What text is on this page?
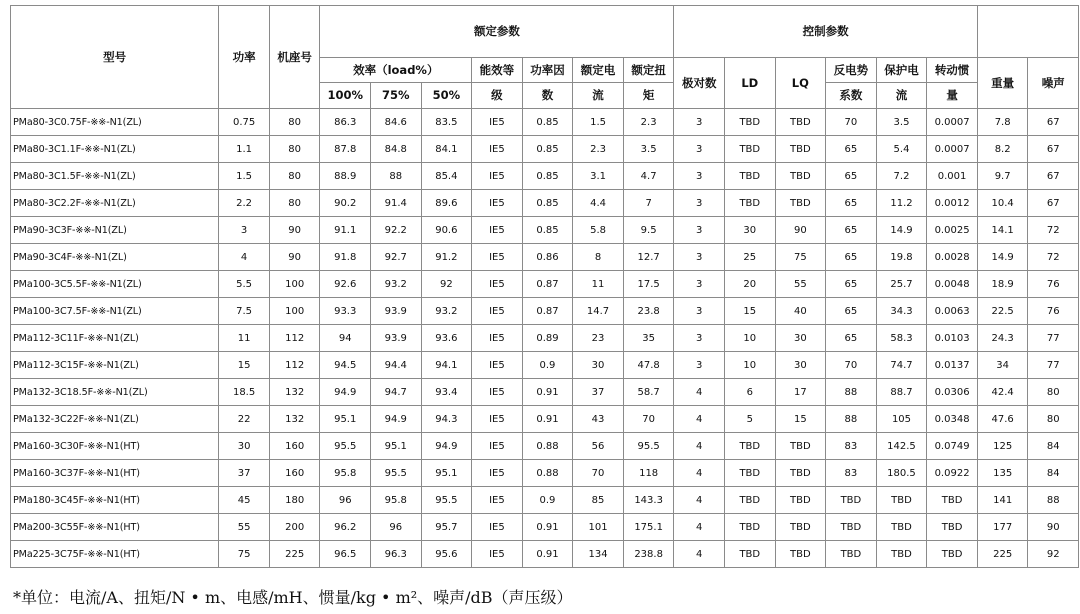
型号	功率	机座号	额定参数							控制参数							
			效率（load%）			能效等	功率因	额定电	额定扭	极对数	LD	LQ	反电势	保护电	转动惯	重量	噪声
			100%	75%	50%	级	数	流	矩				系数	流	量		
PMa80-3C0.75F-※※-N1(ZL)	0.75	80	86.3	84.6	83.5	IE5	0.85	1.5	2.3	3	TBD	TBD	70	3.5	0.0007	7.8	67
PMa80-3C1.1F-※※-N1(ZL)	1.1	80	87.8	84.8	84.1	IE5	0.85	2.3	3.5	3	TBD	TBD	65	5.4	0.0007	8.2	67
PMa80-3C1.5F-※※-N1(ZL)	1.5	80	88.9	88	85.4	IE5	0.85	3.1	4.7	3	TBD	TBD	65	7.2	0.001	9.7	67
PMa80-3C2.2F-※※-N1(ZL)	2.2	80	90.2	91.4	89.6	IE5	0.85	4.4	7	3	TBD	TBD	65	11.2	0.0012	10.4	67
PMa90-3C3F-※※-N1(ZL)	3	90	91.1	92.2	90.6	IE5	0.85	5.8	9.5	3	30	90	65	14.9	0.0025	14.1	72
PMa90-3C4F-※※-N1(ZL)	4	90	91.8	92.7	91.2	IE5	0.86	8	12.7	3	25	75	65	19.8	0.0028	14.9	72
PMa100-3C5.5F-※※-N1(ZL)	5.5	100	92.6	93.2	92	IE5	0.87	11	17.5	3	20	55	65	25.7	0.0048	18.9	76
PMa100-3C7.5F-※※-N1(ZL)	7.5	100	93.3	93.9	93.2	IE5	0.87	14.7	23.8	3	15	40	65	34.3	0.0063	22.5	76
PMa112-3C11F-※※-N1(ZL)	11	112	94	93.9	93.6	IE5	0.89	23	35	3	10	30	65	58.3	0.0103	24.3	77
PMa112-3C15F-※※-N1(ZL)	15	112	94.5	94.4	94.1	IE5	0.9	30	47.8	3	10	30	70	74.7	0.0137	34	77
PMa132-3C18.5F-※※-N1(ZL)	18.5	132	94.9	94.7	93.4	IE5	0.91	37	58.7	4	6	17	88	88.7	0.0306	42.4	80
PMa132-3C22F-※※-N1(ZL)	22	132	95.1	94.9	94.3	IE5	0.91	43	70	4	5	15	88	105	0.0348	47.6	80
PMa160-3C30F-※※-N1(HT)	30	160	95.5	95.1	94.9	IE5	0.88	56	95.5	4	TBD	TBD	83	142.5	0.0749	125	84
PMa160-3C37F-※※-N1(HT)	37	160	95.8	95.5	95.1	IE5	0.88	70	118	4	TBD	TBD	83	180.5	0.0922	135	84
PMa180-3C45F-※※-N1(HT)	45	180	96	95.8	95.5	IE5	0.9	85	143.3	4	TBD	TBD	TBD	TBD	TBD	141	88
PMa200-3C55F-※※-N1(HT)	55	200	96.2	96	95.7	IE5	0.91	101	175.1	4	TBD	TBD	TBD	TBD	TBD	177	90
PMa225-3C75F-※※-N1(HT)	75	225	96.5	96.3	95.6	IE5	0.91	134	238.8	4	TBD	TBD	TBD	TBD	TBD	225	92
*单位：电流/A、扭矩/N • m、电感/mH、惯量/kg • m²、噪声/dB（声压级）
